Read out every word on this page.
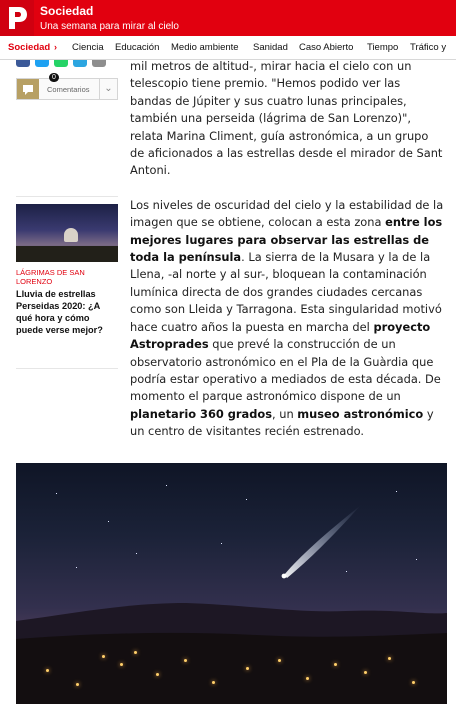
Sociedad
Una semana para mirar al cielo
Sociedad › Ciencia Educación Medio ambiente Sanidad Caso Abierto Tiempo Tráfico y
0
Comentarios	⌄
LÁGRIMAS DE SAN LORENZO
Lluvia de estrellas Perseidas 2020: ¿A qué hora y cómo puede verse mejor?

mil metros de altitud-, mirar hacia el cielo con un telescopio tiene premio. "Hemos podido ver las bandas de Júpiter y sus cuatro lunas principales, también una perseida (lágrima de San Lorenzo)", relata Marina Climent, guía astronómica, a un grupo de aficionados a las estrellas desde el mirador de Sant Antoni.

Los niveles de oscuridad del cielo y la estabilidad de la imagen que se obtiene, colocan a esta zona entre los mejores lugares para observar las estrellas de toda la península. La sierra de la Musara y la de la Llena, -al norte y al sur-, bloquean la contaminación lumínica directa de dos grandes ciudades cercanas como son Lleida y Tarragona. Esta singularidad motivó hace cuatro años la puesta en marcha del proyecto Astroprades que prevé la construcción de un observatorio astronómico en el Pla de la Guàrdia que podría estar operativo a mediados de esta década. De momento el parque astronómico dispone de un planetario 360 grados, un museo astronómico y un centro de visitantes recién estrenado.
